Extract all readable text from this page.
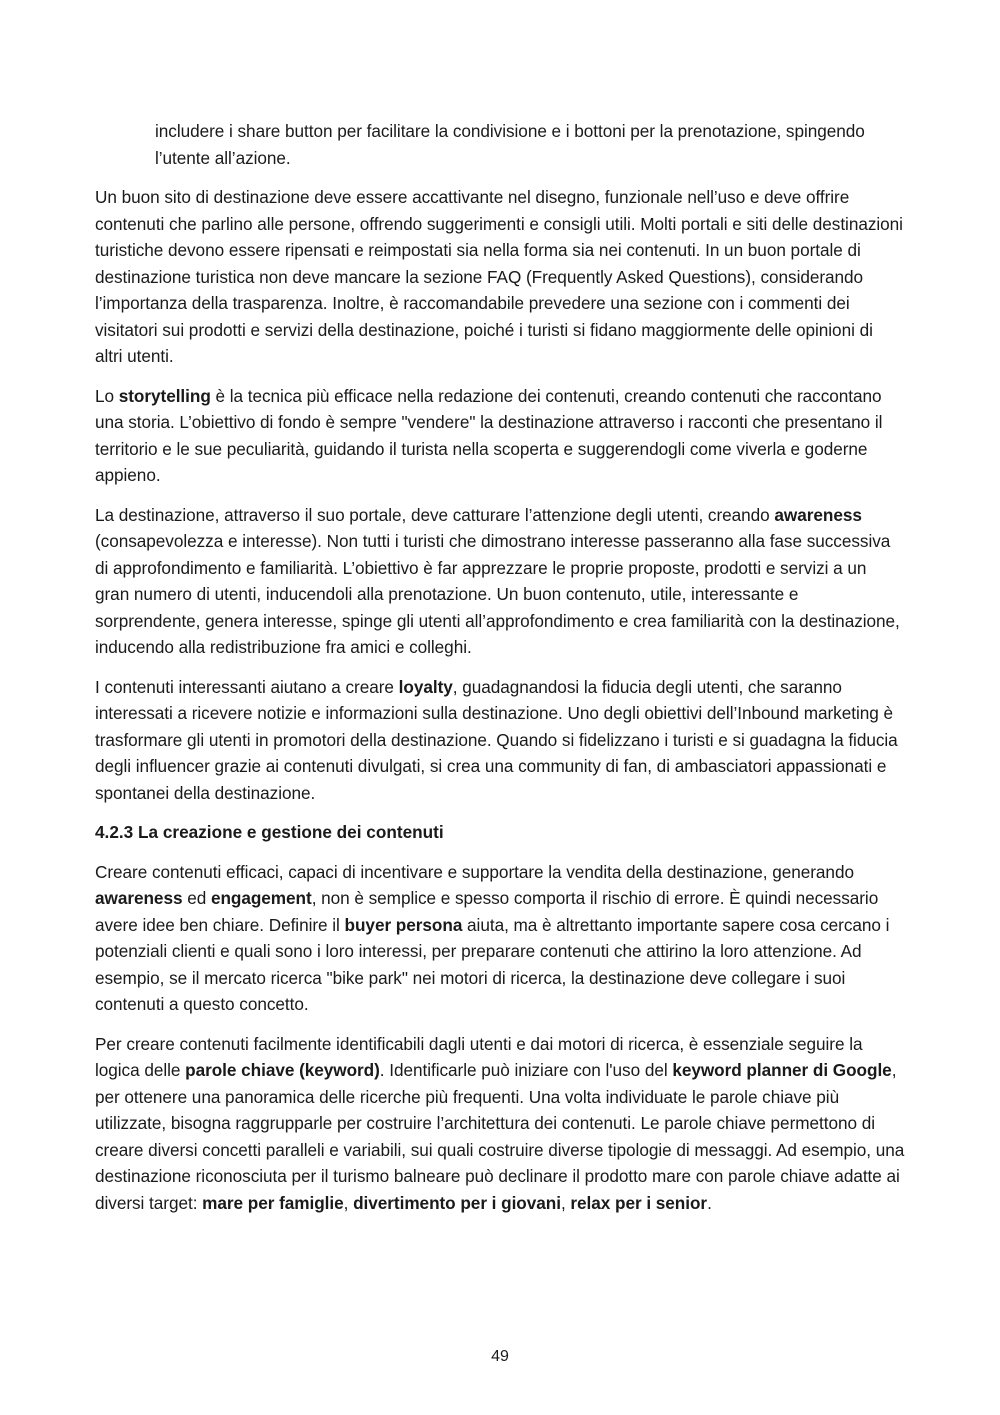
includere i share button per facilitare la condivisione e i bottoni per la prenotazione, spingendo l’utente all’azione.

Un buon sito di destinazione deve essere accattivante nel disegno, funzionale nell’uso e deve offrire contenuti che parlino alle persone, offrendo suggerimenti e consigli utili. Molti portali e siti delle destinazioni turistiche devono essere ripensati e reimpostati sia nella forma sia nei contenuti. In un buon portale di destinazione turistica non deve mancare la sezione FAQ (Frequently Asked Questions), considerando l’importanza della trasparenza. Inoltre, è raccomandabile prevedere una sezione con i commenti dei visitatori sui prodotti e servizi della destinazione, poiché i turisti si fidano maggiormente delle opinioni di altri utenti.

Lo storytelling è la tecnica più efficace nella redazione dei contenuti, creando contenuti che raccontano una storia. L’obiettivo di fondo è sempre "vendere" la destinazione attraverso i racconti che presentano il territorio e le sue peculiarità, guidando il turista nella scoperta e suggerendogli come viverla e goderne appieno.

La destinazione, attraverso il suo portale, deve catturare l’attenzione degli utenti, creando awareness (consapevolezza e interesse). Non tutti i turisti che dimostrano interesse passeranno alla fase successiva di approfondimento e familiarità. L’obiettivo è far apprezzare le proprie proposte, prodotti e servizi a un gran numero di utenti, inducendoli alla prenotazione. Un buon contenuto, utile, interessante e sorprendente, genera interesse, spinge gli utenti all’approfondimento e crea familiarità con la destinazione, inducendo alla redistribuzione fra amici e colleghi.

I contenuti interessanti aiutano a creare loyalty, guadagnandosi la fiducia degli utenti, che saranno interessati a ricevere notizie e informazioni sulla destinazione. Uno degli obiettivi dell’Inbound marketing è trasformare gli utenti in promotori della destinazione. Quando si fidelizzano i turisti e si guadagna la fiducia degli influencer grazie ai contenuti divulgati, si crea una community di fan, di ambasciatori appassionati e spontanei della destinazione.

4.2.3 La creazione e gestione dei contenuti

Creare contenuti efficaci, capaci di incentivare e supportare la vendita della destinazione, generando awareness ed engagement, non è semplice e spesso comporta il rischio di errore. È quindi necessario avere idee ben chiare. Definire il buyer persona aiuta, ma è altrettanto importante sapere cosa cercano i potenziali clienti e quali sono i loro interessi, per preparare contenuti che attirino la loro attenzione. Ad esempio, se il mercato ricerca "bike park" nei motori di ricerca, la destinazione deve collegare i suoi contenuti a questo concetto.

Per creare contenuti facilmente identificabili dagli utenti e dai motori di ricerca, è essenziale seguire la logica delle parole chiave (keyword). Identificarle può iniziare con l'uso del keyword planner di Google, per ottenere una panoramica delle ricerche più frequenti. Una volta individuate le parole chiave più utilizzate, bisogna raggrupparle per costruire l’architettura dei contenuti. Le parole chiave permettono di creare diversi concetti paralleli e variabili, sui quali costruire diverse tipologie di messaggi. Ad esempio, una destinazione riconosciuta per il turismo balneare può declinare il prodotto mare con parole chiave adatte ai diversi target: mare per famiglie, divertimento per i giovani, relax per i senior.

49
